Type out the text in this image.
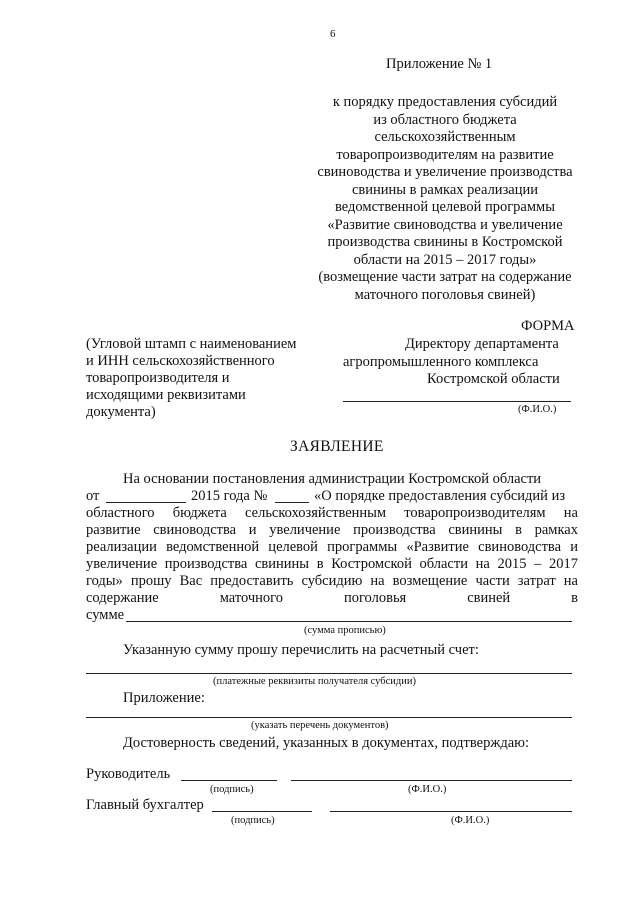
6
Приложение № 1
к порядку предоставления субсидий
из областного бюджета
сельскохозяйственным
товаропроизводителям на развитие
свиноводства и увеличение производства
свинины в рамках реализации
ведомственной целевой программы
«Развитие свиноводства и увеличение
производства свинины в Костромской
области на 2015 – 2017 годы»
(возмещение части затрат на содержание
маточного поголовья свиней)
ФОРМА
(Угловой штамп с наименованием
и ИНН сельскохозяйственного
товаропроизводителя и
исходящими реквизитами
документа)
Директору департамента
агропромышленного комплекса
Костромской области
(Ф.И.О.)
ЗАЯВЛЕНИЕ
На основании постановления администрации Костромской области
от	2015 года №	«О порядке предоставления субсидий из
областного бюджета сельскохозяйственным товаропроизводителям на
развитие свиноводства и увеличение производства свинины в рамках
реализации ведомственной целевой программы «Развитие свиноводства и
увеличение производства свинины в Костромской области на 2015 – 2017
годы» прошу Вас предоставить субсидию на возмещение части затрат на
содержание	маточного	поголовья	свиней	в
сумме
(сумма прописью)
Указанную сумму прошу перечислить на расчетный счет:
(платежные реквизиты получателя субсидии)
Приложение:
(указать перечень документов)
Достоверность сведений, указанных в документах, подтверждаю:
Руководитель
(подпись)	(Ф.И.О.)
Главный бухгалтер
(подпись)	(Ф.И.О.)
